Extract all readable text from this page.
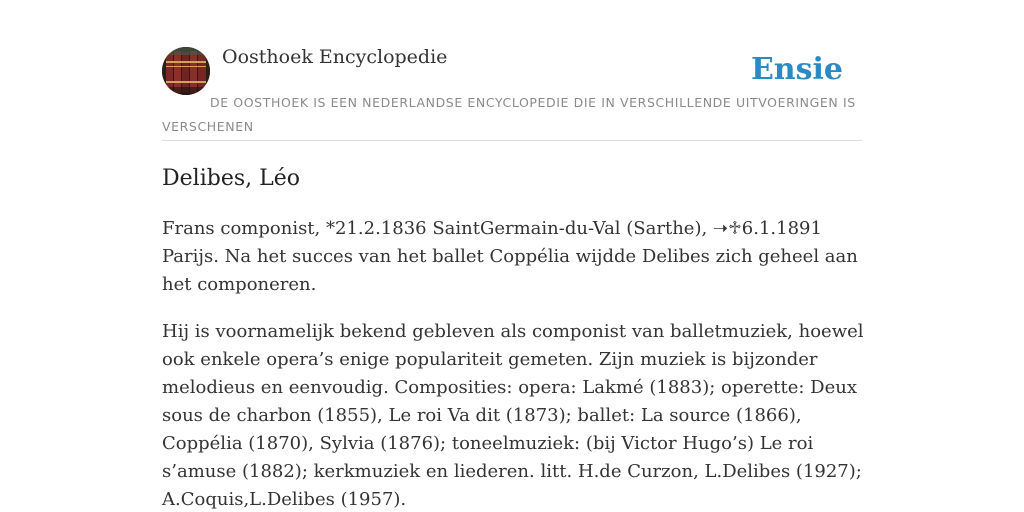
Oosthoek Encyclopedie	Ensie
DE OOSTHOEK IS EEN NEDERLANDSE ENCYCLOPEDIE DIE IN VERSCHILLENDE UITVOERINGEN IS VERSCHENEN
Delibes, Léo

Frans componist, *21.2.1836 SaintGermain-du-Val (Sarthe), ➝♱6.1.1891 Parijs. Na het succes van het ballet Coppélia wijdde Delibes zich geheel aan het componeren.

Hij is voornamelijk bekend gebleven als componist van balletmuziek, hoewel ook enkele opera’s enige populariteit gemeten. Zijn muziek is bijzonder melodieus en eenvoudig. Composities: opera: Lakmé (1883); operette: Deux sous de charbon (1855), Le roi Va dit (1873); ballet: La source (1866), Coppélia (1870), Sylvia (1876); toneelmuziek: (bij Victor Hugo’s) Le roi s’amuse (1882); kerkmuziek en liederen. litt. H.de Curzon, L.Delibes (1927); A.Coquis,L.Delibes (1957).
